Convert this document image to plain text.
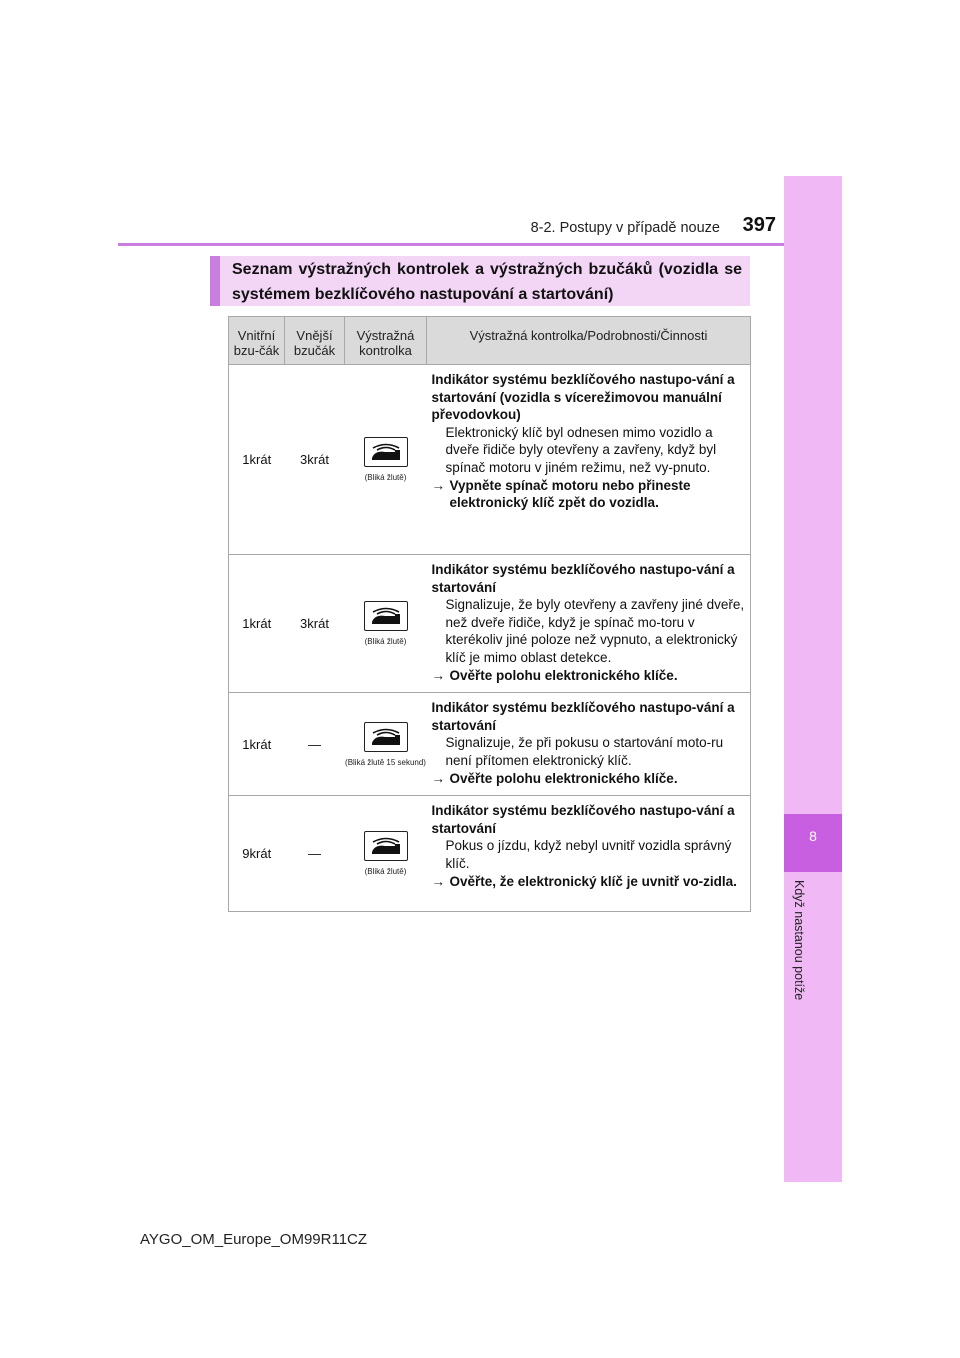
8-2. Postupy v případě nouze	397
8
Když nastanou potíže
Seznam výstražných kontrolek a výstražných bzučáků (vozidla se systémem bezklíčového nastupování a startování)
Vnitřní bzu-čák	Vnější bzučák	Výstražná kontrolka	Výstražná kontrolka/Podrobnosti/Činnosti
1krát	3krát	(Bliká žlutě)	Indikátor systému bezklíčového nastupo-vání a startování (vozidla s vícerežimovou manuální převodovkou)
Elektronický klíč byl odnesen mimo vozidlo a dveře řidiče byly otevřeny a zavřeny, když byl spínač motoru v jiném režimu, než vy-pnuto.
→ Vypněte spínač motoru nebo přineste elektronický klíč zpět do vozidla.

1krát	3krát	(Bliká žlutě)	Indikátor systému bezklíčového nastupo-vání a startování
Signalizuje, že byly otevřeny a zavřeny jiné dveře, než dveře řidiče, když je spínač mo-toru v kterékoliv jiné poloze než vypnuto, a elektronický klíč je mimo oblast detekce.
→ Ověřte polohu elektronického klíče.

1krát	—	(Bliká žlutě 15 sekund)	Indikátor systému bezklíčového nastupo-vání a startování
Signalizuje, že při pokusu o startování moto-ru není přítomen elektronický klíč.
→ Ověřte polohu elektronického klíče.

9krát	—	(Bliká žlutě)	Indikátor systému bezklíčového nastupo-vání a startování
Pokus o jízdu, když nebyl uvnitř vozidla správný klíč.
→ Ověřte, že elektronický klíč je uvnitř vo-zidla.
AYGO_OM_Europe_OM99R11CZ
